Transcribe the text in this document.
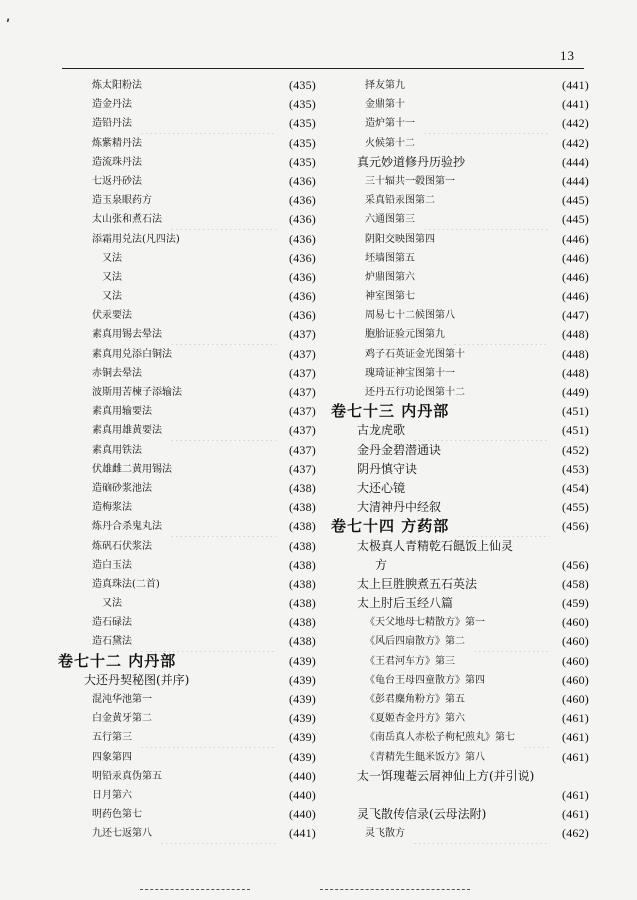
ʹ
13
炼太阳粉法	(435)
造金丹法	(435)
造铅丹法	(435)
炼紫精丹法	(435)
造流珠丹法	(435)
七返丹砂法	(436)
造玉泉眼药方	(436)
太山张和煮石法	(436)
添霜用兑法(凡四法)	(436)
又法	(436)
又法	(436)
又法	(436)
伏汞要法	(436)
素真用锡去晕法	(437)
素真用兑添白铜法	(437)
赤铜去晕法	(437)
波斯用苦楝子添输法	(437)
素真用输要法	(437)
素真用雄黄要法	(437)
素真用铁法	(437)
伏雄雌二黄用锡法	(437)
造硇砂浆池法	(438)
造梅浆法	(438)
炼丹合杀鬼丸法	(438)
炼矾石伏浆法	(438)
造白玉法	(438)
造真珠法(二首)	(438)
又法	(438)
造石碌法	(438)
造石黛法	(438)
卷七十二 内丹部	(439)
大还丹契秘图(并序)	(439)
混沌华池第一	(439)
白金黄牙第二	(439)
五行第三	(439)
四象第四	(439)
明铅汞真伪第五	(440)
日月第六	(440)
明药色第七	(440)
九还七返第八	(441)
择友第九	(441)
金鼎第十	(441)
造炉第十一	(442)
火候第十二	(442)
真元妙道修丹历验抄	(444)
三十辐共一毂图第一	(444)
采真铅汞图第二	(445)
六通图第三	(445)
阴阳交映图第四	(446)
坯墙图第五	(446)
炉鼎图第六	(446)
神室图第七	(446)
周易七十二候图第八	(447)
胞胎证验元图第九	(448)
鸡子石英证金光图第十	(448)
瑰琦证神宝图第十一	(448)
还丹五行功论图第十二	(449)
卷七十三 内丹部	(451)
古龙虎歌	(451)
金丹金碧潜通诀	(452)
阴丹慎守诀	(453)
大还心镜	(454)
大清神丹中经叙	(455)
卷七十四 方药部	(456)
太极真人青精乾石䭀饭上仙灵
方	(456)
太上巨胜腴煮五石英法	(458)
太上肘后玉经八篇	(459)
《天父地母七精散方》第一	(460)
《风后四扇散方》第二	(460)
《王君河车方》第三	(460)
《龟台王母四童散方》第四	(460)
《彭君麋角粉方》第五	(460)
《夏姬杏金丹方》第六	(461)
《南岳真人赤松子枸杞煎丸》第七	(461)
《青精先生䭀米饭方》第八	(461)
太一饵瑰菴云屑神仙上方(并引说)
(461)
灵飞散传信录(云母法附)	(461)
灵飞散方	(462)
